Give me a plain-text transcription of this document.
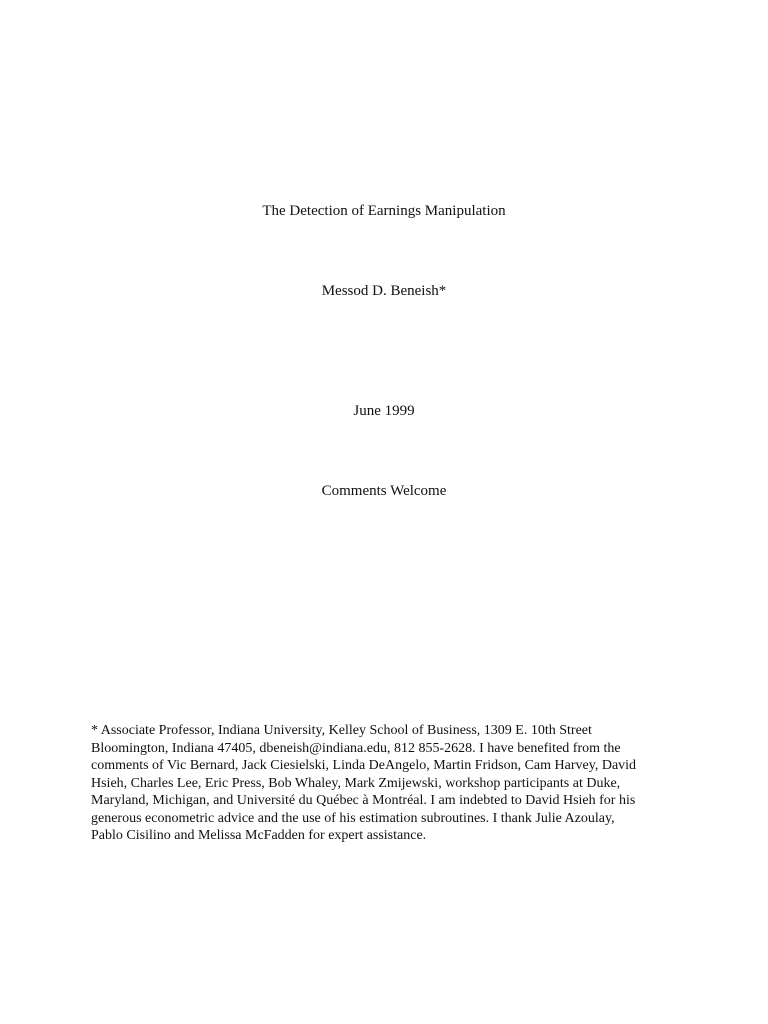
The Detection of Earnings Manipulation
Messod D. Beneish*
June 1999
Comments Welcome
* Associate Professor, Indiana University, Kelley School of Business, 1309 E. 10th Street
Bloomington, Indiana 47405, dbeneish@indiana.edu, 812 855-2628. I have benefited from the
comments of Vic Bernard, Jack Ciesielski, Linda DeAngelo, Martin Fridson, Cam Harvey, David
Hsieh, Charles Lee, Eric Press, Bob Whaley, Mark Zmijewski, workshop participants at Duke,
Maryland, Michigan, and Université du Québec à Montréal. I am indebted to David Hsieh for his
generous econometric advice and the use of his estimation subroutines. I thank Julie Azoulay,
Pablo Cisilino and Melissa McFadden for expert assistance.
